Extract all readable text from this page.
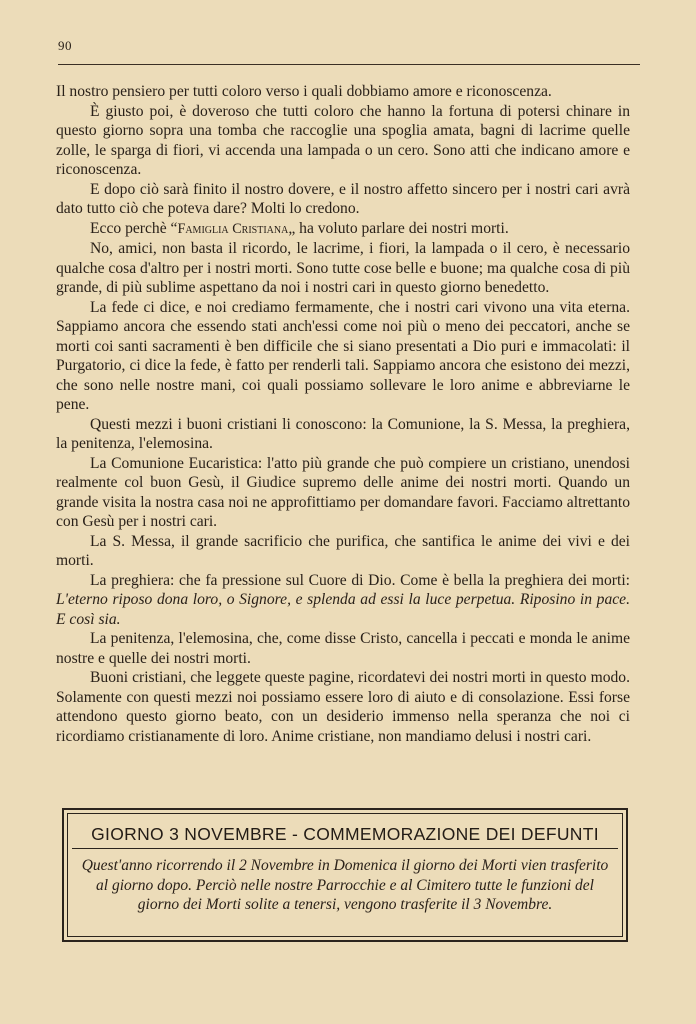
90

Il nostro pensiero per tutti coloro verso i quali dobbiamo amore e riconoscenza.

È giusto poi, è doveroso che tutti coloro che hanno la fortuna di potersi chinare in questo giorno sopra una tomba che raccoglie una spoglia amata, bagni di lacrime quelle zolle, le sparga di fiori, vi accenda una lampada o un cero. Sono atti che indicano amore e riconoscenza.

E dopo ciò sarà finito il nostro dovere, e il nostro affetto sincero per i nostri cari avrà dato tutto ciò che poteva dare? Molti lo credono.

Ecco perchè “Famiglia Cristiana„ ha voluto parlare dei nostri morti.

No, amici, non basta il ricordo, le lacrime, i fiori, la lampada o il cero, è necessario qualche cosa d'altro per i nostri morti. Sono tutte cose belle e buone; ma qualche cosa di più grande, di più sublime aspettano da noi i nostri cari in questo giorno benedetto.

La fede ci dice, e noi crediamo fermamente, che i nostri cari vivono una vita eterna. Sappiamo ancora che essendo stati anch'essi come noi più o meno dei peccatori, anche se morti coi santi sacramenti è ben difficile che si siano presentati a Dio puri e immacolati: il Purgatorio, ci dice la fede, è fatto per renderli tali. Sappiamo ancora che esistono dei mezzi, che sono nelle nostre mani, coi quali possiamo sollevare le loro anime e abbreviarne le pene.

Questi mezzi i buoni cristiani li conoscono: la Comunione, la S. Messa, la preghiera, la penitenza, l'elemosina.

La Comunione Eucaristica: l'atto più grande che può compiere un cristiano, unendosi realmente col buon Gesù, il Giudice supremo delle anime dei nostri morti. Quando un grande visita la nostra casa noi ne approfittiamo per domandare favori. Facciamo altrettanto con Gesù per i nostri cari.

La S. Messa, il grande sacrificio che purifica, che santifica le anime dei vivi e dei morti.

La preghiera: che fa pressione sul Cuore di Dio. Come è bella la preghiera dei morti: L'eterno riposo dona loro, o Signore, e splenda ad essi la luce perpetua. Riposino in pace. E così sia.

La penitenza, l'elemosina, che, come disse Cristo, cancella i peccati e monda le anime nostre e quelle dei nostri morti.

Buoni cristiani, che leggete queste pagine, ricordatevi dei nostri morti in questo modo. Solamente con questi mezzi noi possiamo essere loro di aiuto e di consolazione. Essi forse attendono questo giorno beato, con un desiderio immenso nella speranza che noi ci ricordiamo cristianamente di loro. Anime cristiane, non mandiamo delusi i nostri cari.

GIORNO 3 NOVEMBRE - COMMEMORAZIONE DEI DEFUNTI
Quest'anno ricorrendo il 2 Novembre in Domenica il giorno dei Morti vien trasferito al giorno dopo. Perciò nelle nostre Parrocchie e al Cimitero tutte le funzioni del giorno dei Morti solite a tenersi, vengono trasferite il 3 Novembre.
